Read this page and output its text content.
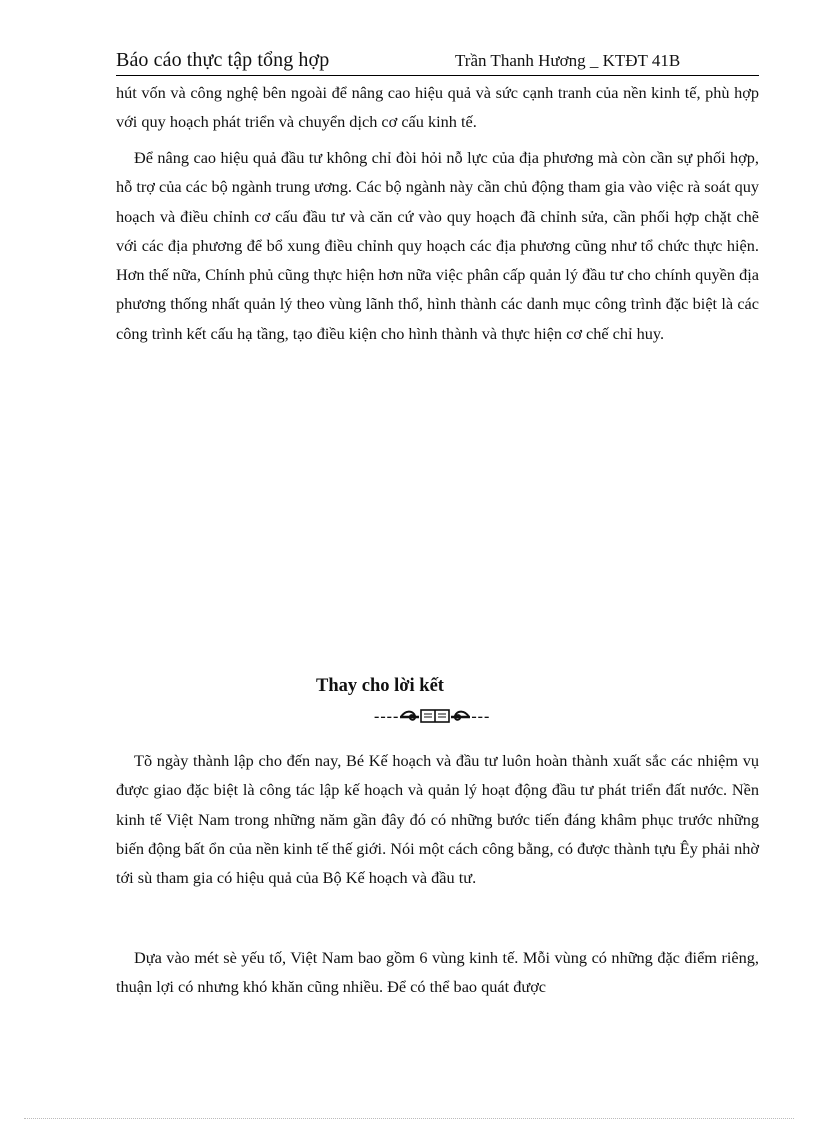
Báo cáo thực tập tổng hợp	Trần Thanh Hương _ KTĐT 41B

hút vốn và công nghệ bên ngoài để nâng cao hiệu quả và sức cạnh tranh của nền kinh tế, phù hợp với quy hoạch phát triển và chuyển dịch cơ cấu kinh tế.

Để nâng cao hiệu quả đầu tư không chỉ đòi hỏi nỗ lực của địa phương mà còn cần sự phối hợp, hỗ trợ của các bộ ngành trung ương. Các bộ ngành này cần chủ động tham gia vào việc rà soát quy hoạch và điều chỉnh cơ cấu đầu tư và căn cứ vào quy hoạch đã chỉnh sửa, cần phối hợp chặt chẽ với các địa phương để bổ xung điều chỉnh quy hoạch các địa phương cũng như tổ chức thực hiện. Hơn thế nữa, Chính phủ cũng thực hiện hơn nữa việc phân cấp quản lý đầu tư cho chính quyền địa phương thống nhất quản lý theo vùng lãnh thổ, hình thành các danh mục công trình đặc biệt là các công trình kết cấu hạ tầng, tạo điều kiện cho hình thành và thực hiện cơ chế chỉ huy.

Thay cho lời kết
----	---

Tõ ngày thành lập cho đến nay, Bé Kế hoạch và đầu tư luôn hoàn thành xuất sắc các nhiệm vụ được giao đặc biệt là công tác lập kế hoạch và quản lý hoạt động đầu tư phát triển đất nước. Nền kinh tế Việt Nam trong những năm gần đây đó có những bước tiến đáng khâm phục trước những biến động bất ổn của nền kinh tế thế giới. Nói một cách công bằng, có được thành tựu Êy phải nhờ tới sù tham gia có hiệu quả của Bộ Kế hoạch và đầu tư.

Dựa vào mét sè yếu tố, Việt Nam bao gồm 6 vùng kinh tế. Mỗi vùng có những đặc điểm riêng, thuận lợi có nhưng khó khăn cũng nhiều. Để có thể bao quát được
